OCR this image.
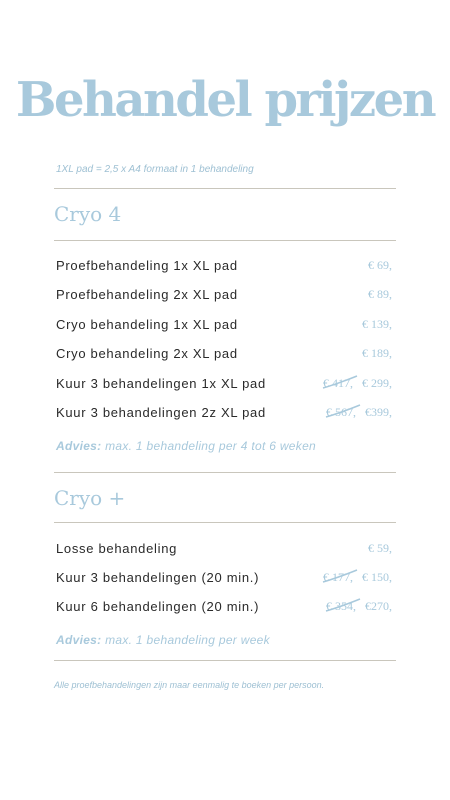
Behandel prijzen
1XL pad = 2,5 x A4 formaat in 1 behandeling
Cryo 4
Proefbehandeling 1x XL pad	€ 69,
Proefbehandeling 2x XL pad	€ 89,
Cryo behandeling 1x XL pad	€ 139,
Cryo behandeling 2x XL pad	€ 189,
Kuur 3 behandelingen 1x XL pad	€ 417, € 299,
Kuur 3 behandelingen 2z XL pad	€ 567, €399,
Advies: max. 1 behandeling per 4 tot 6 weken
Cryo +
Losse behandeling	€ 59,
Kuur 3 behandelingen (20 min.)	€ 177, € 150,
Kuur 6 behandelingen (20 min.)	€ 354, €270,
Advies: max. 1 behandeling per week
Alle proefbehandelingen zijn maar eenmalig te boeken per persoon.
